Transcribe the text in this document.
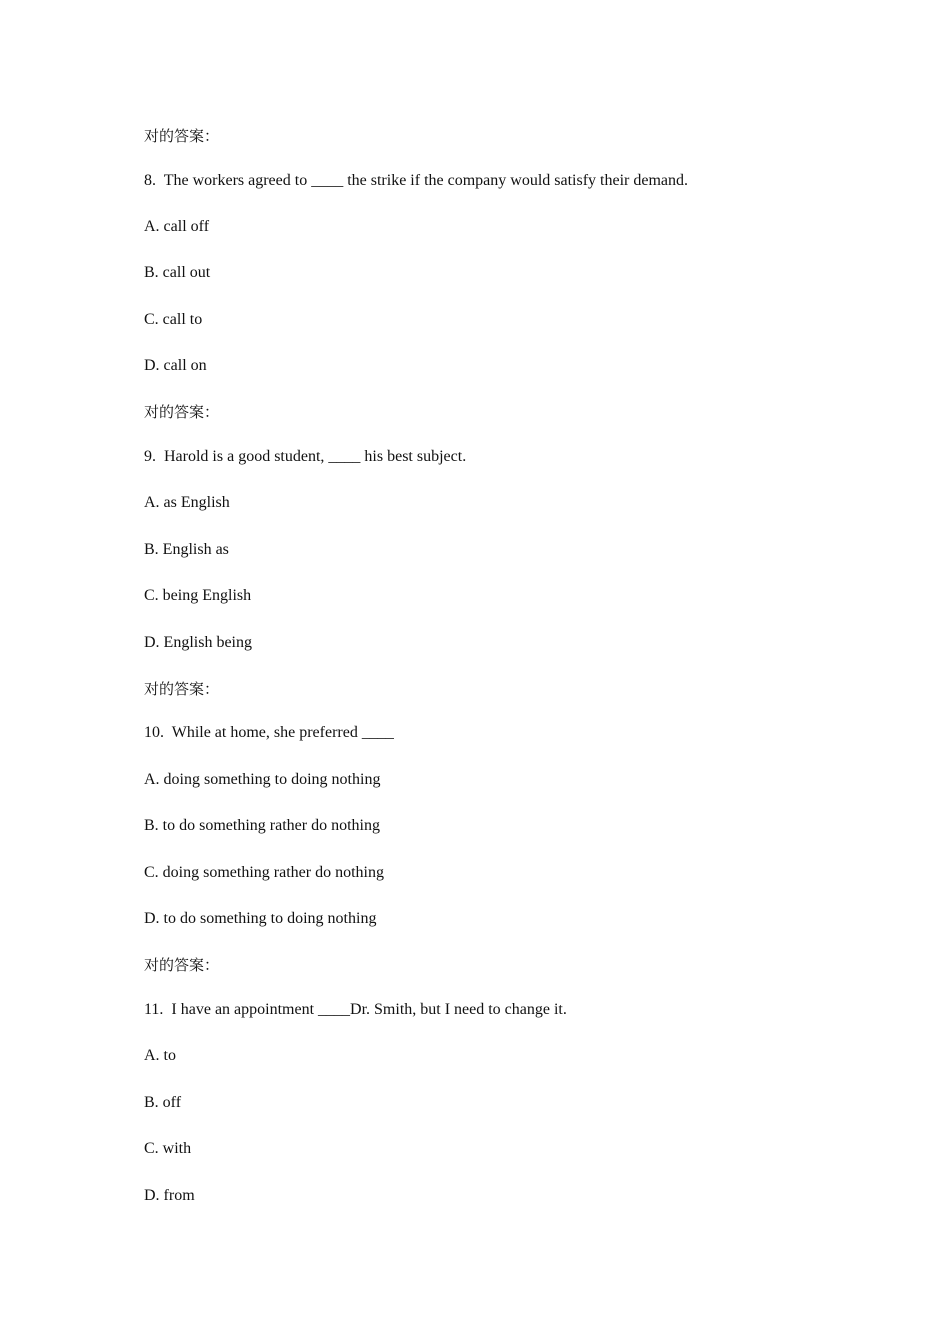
对的答案：
8.  The workers agreed to ____ the strike if the company would satisfy their demand.
A. call off
B. call out
C. call to
D. call on
对的答案：
9.  Harold is a good student, ____ his best subject.
A. as English
B. English as
C. being English
D. English being
对的答案：
10.  While at home, she preferred ____
A. doing something to doing nothing
B. to do something rather do nothing
C. doing something rather do nothing
D. to do something to doing nothing
对的答案：
11.  I have an appointment ____Dr. Smith, but I need to change it.
A. to
B. off
C. with
D. from
